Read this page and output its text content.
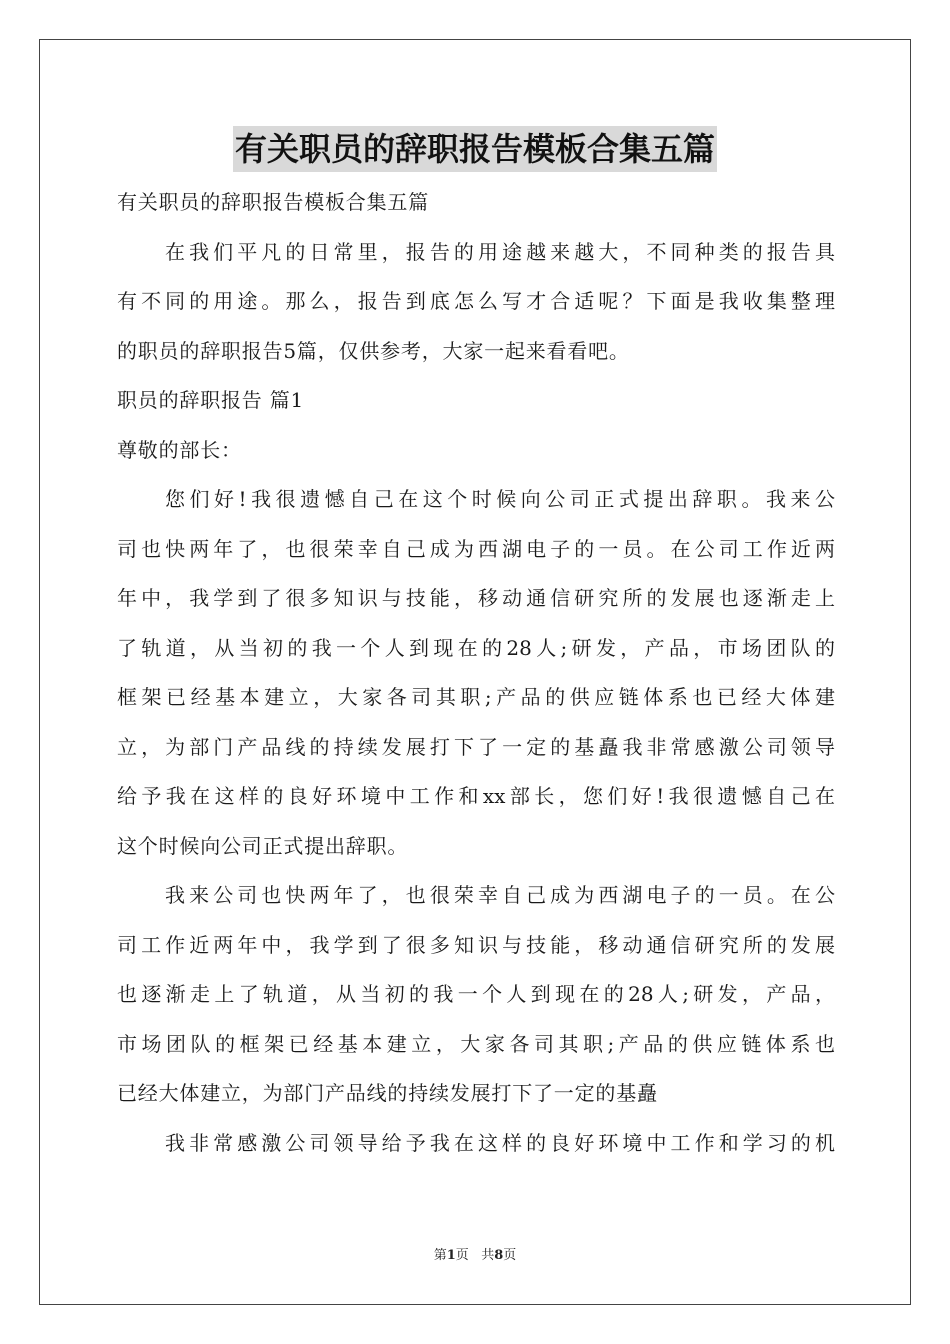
有关职员的辞职报告模板合集五篇
有关职员的辞职报告模板合集五篇
在我们平凡的日常里，报告的用途越来越大，不同种类的报告具
有不同的用途。那么，报告到底怎么写才合适呢？下面是我收集整理
的职员的辞职报告5篇，仅供参考，大家一起来看看吧。
职员的辞职报告 篇1
尊敬的部长：
您们好!我很遗憾自己在这个时候向公司正式提出辞职。我来公
司也快两年了，也很荣幸自己成为西湖电子的一员。在公司工作近两
年中，我学到了很多知识与技能，移动通信研究所的发展也逐渐走上
了轨道，从当初的我一个人到现在的28人;研发，产品，市场团队的
框架已经基本建立，大家各司其职;产品的供应链体系也已经大体建
立，为部门产品线的持续发展打下了一定的基矗我非常感激公司领导
给予我在这样的良好环境中工作和xx部长，您们好!我很遗憾自己在
这个时候向公司正式提出辞职。
我来公司也快两年了，也很荣幸自己成为西湖电子的一员。在公
司工作近两年中，我学到了很多知识与技能，移动通信研究所的发展
也逐渐走上了轨道，从当初的我一个人到现在的28人;研发，产品，
市场团队的框架已经基本建立，大家各司其职;产品的供应链体系也
已经大体建立，为部门产品线的持续发展打下了一定的基矗
我非常感激公司领导给予我在这样的良好环境中工作和学习的机
第1页 共8页
